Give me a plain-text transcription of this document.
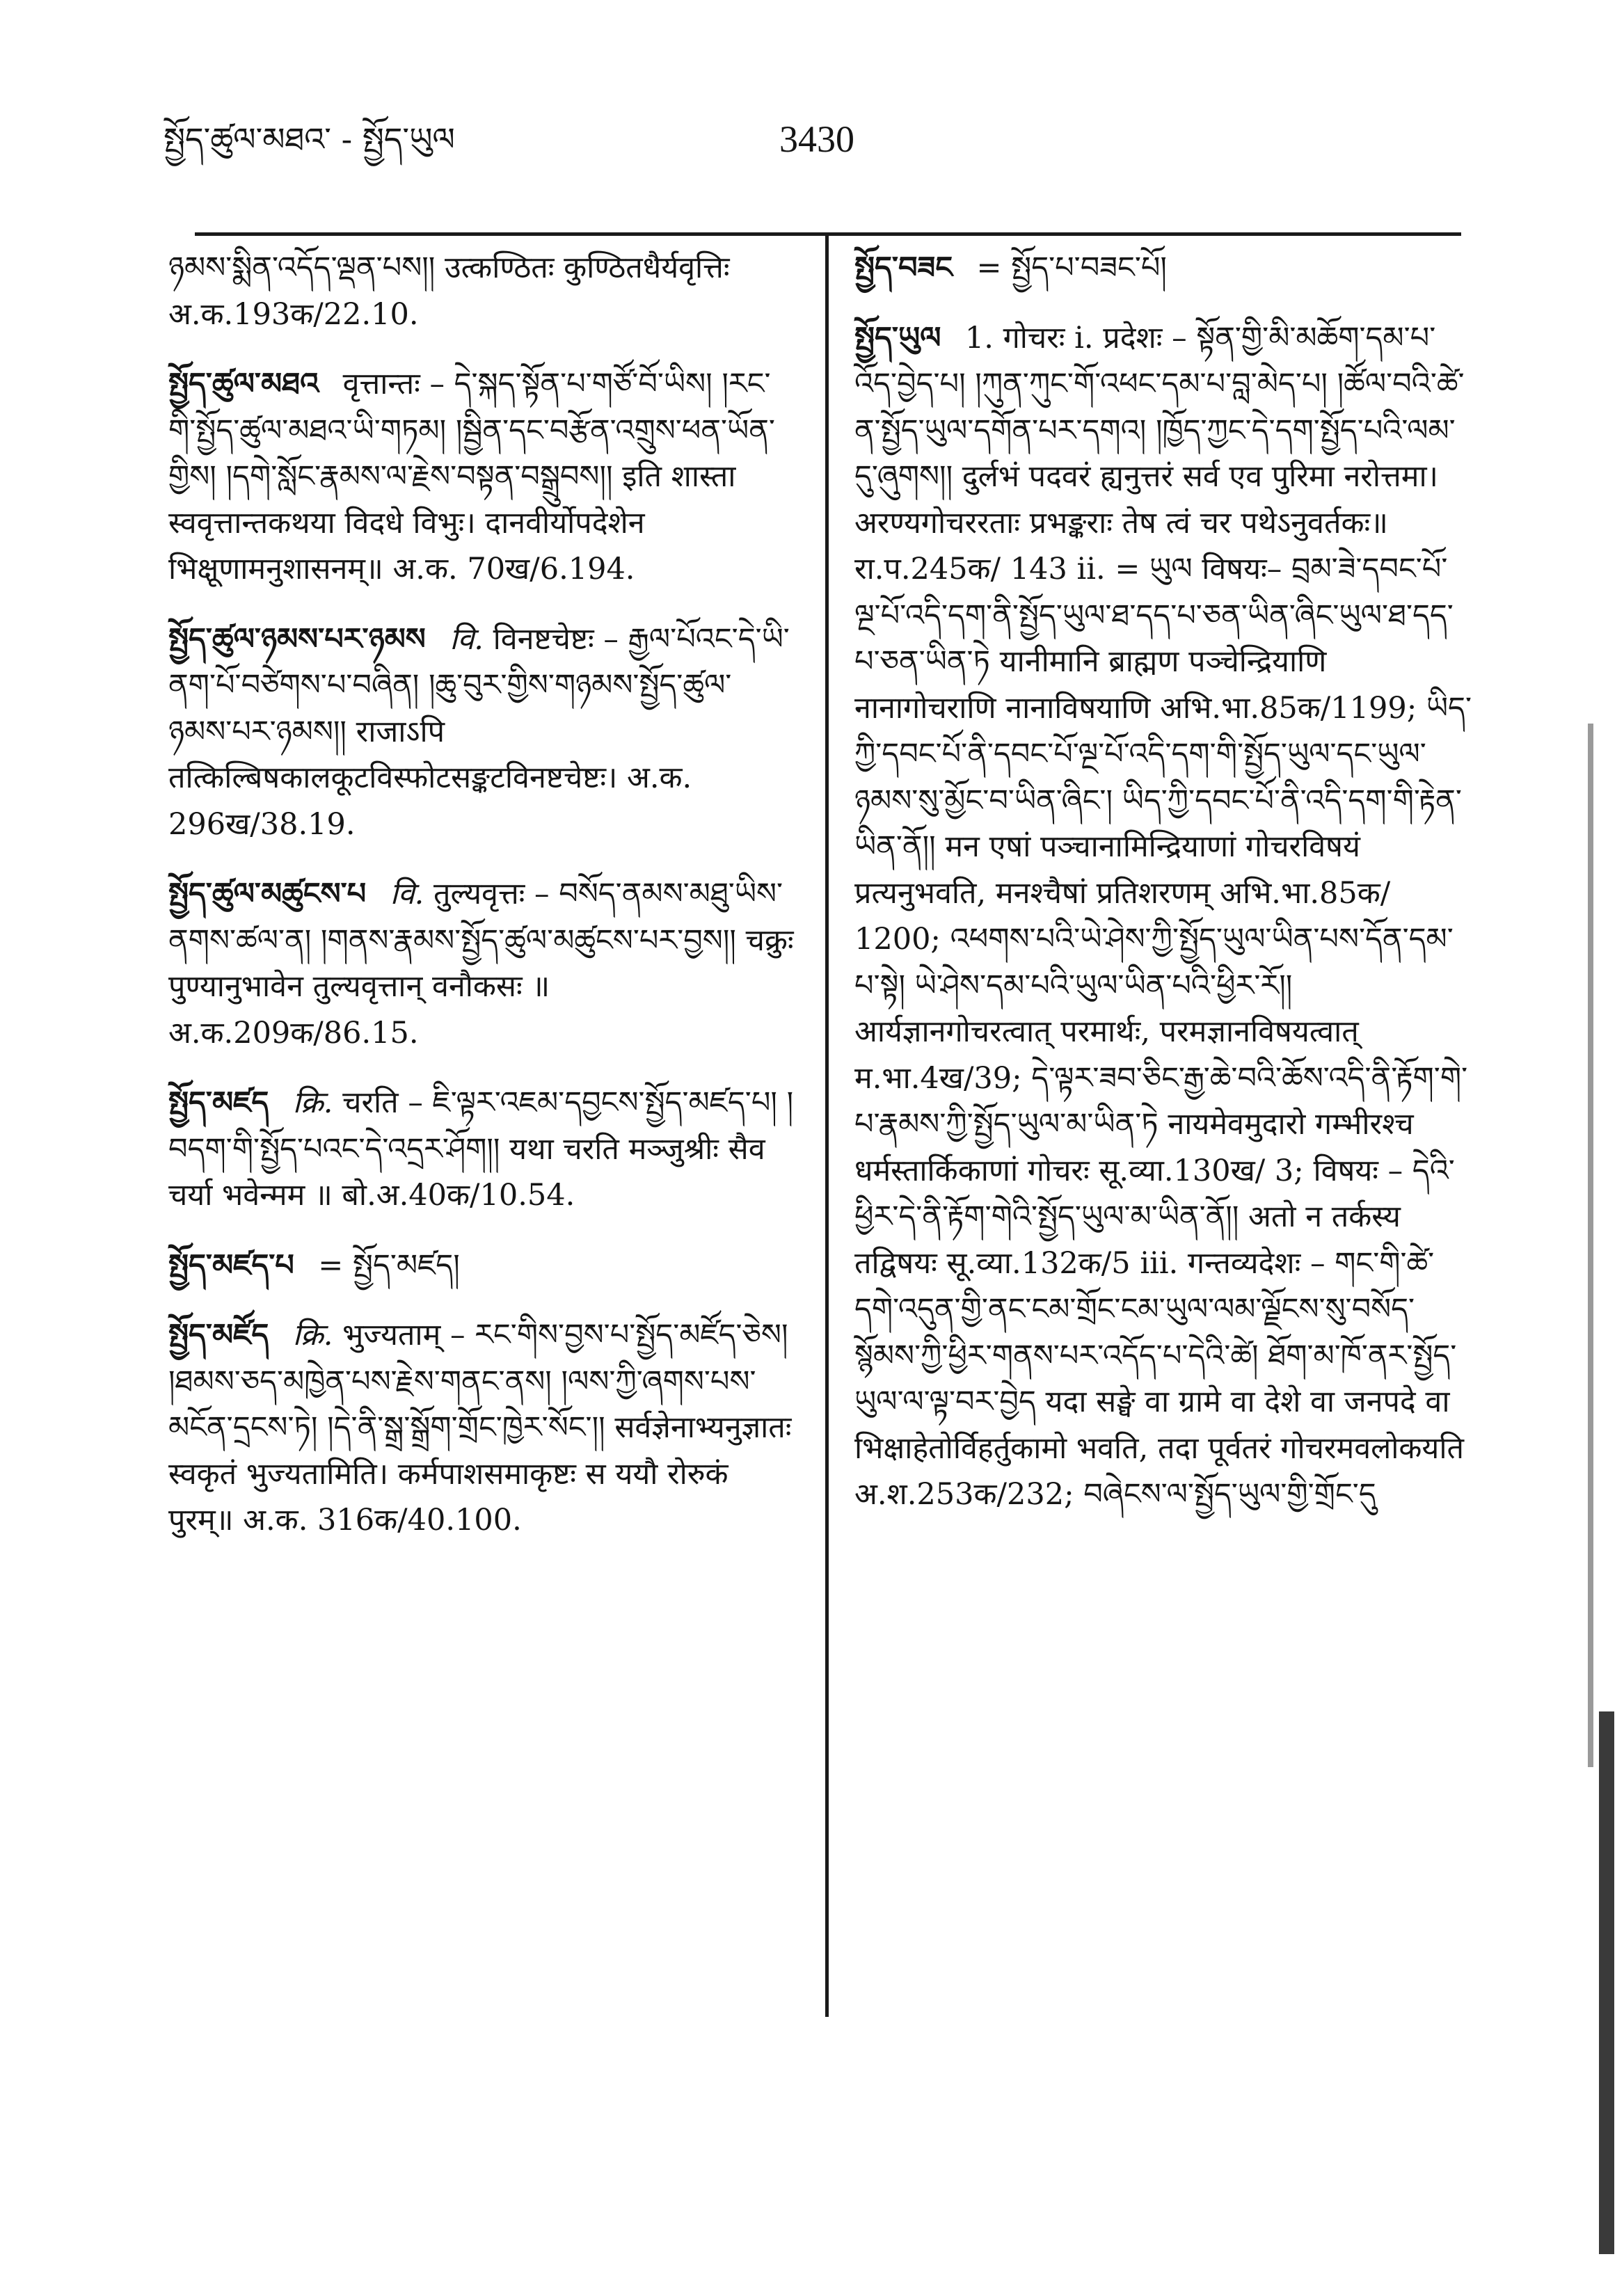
སྤྱོད་ཚུལ་མཐའ་ - སྤྱོད་ཡུལ	3430

ཉམས་སྨིན་འདོད་ལྡན་པས།། उत्कण्ठितः कुण्ठितधैर्यवृत्तिः अ.क.193क/22.10.

སྤྱོད་ཚུལ་མཐའ वृत्तान्तः – དེ་སྐད་སྟོན་པ་གཙོ་བོ་ཡིས། །རང་གི་སྤྱོད་ཚུལ་མཐའ་ཡི་གཏམ། །སྦྱིན་དང་བརྩོན་འགྲུས་ཕན་ཡོན་གྱིས། །དགེ་སློང་རྣམས་ལ་རྗེས་བསྟན་བསྒྲུབས།། इति शास्ता स्ववृत्तान्तकथया विदधे विभुः। दानवीर्योपदेशेन भिक्षूणामनुशासनम्॥ अ.क. 70ख/6.194.

སྤྱོད་ཚུལ་ཉམས་པར་ཉམས वि. विनष्टचेष्टः – རྒྱལ་པོའང་དེ་ཡི་ནག་པོ་བཙེགས་པ་བཞིན། །ཆུ་བུར་གྱིས་གཉམས་སྤྱོད་ཚུལ་ཉམས་པར་ཉམས།། राजाऽपि तत्किल्बिषकालकूटविस्फोटसङ्कटविनष्टचेष्टः। अ.क. 296ख/38.19.

སྤྱོད་ཚུལ་མཚུངས་པ वि. तुल्यवृत्तः – བསོད་ནམས་མཐུ་ཡིས་ནགས་ཚལ་ན། །གནས་རྣམས་སྤྱོད་ཚུལ་མཚུངས་པར་བྱས།། चक्रुः पुण्यानुभावेन तुल्यवृत्तान् वनौकसः ॥ अ.क.209क/86.15.

སྤྱོད་མཛད क्रि. चरति – ཇི་ལྟར་འཇམ་དབྱངས་སྤྱོད་མཛད་པ། །བདག་གི་སྤྱོད་པའང་དེ་འདྲར་ཤོག།། यथा चरति मञ्जुश्रीः सैव चर्या भवेन्मम ॥ बो.अ.40क/10.54.

སྤྱོད་མཛད་པ = སྤྱོད་མཛད།

སྤྱོད་མཛོད क्रि. भुज्यताम् – རང་གིས་བྱས་པ་སྤྱོད་མཛོད་ཅེས། །ཐམས་ཅད་མཁྱེན་པས་རྗེས་གནང་ནས། །ལས་ཀྱི་ཞགས་པས་མངོན་དྲངས་ཏེ། །དེ་ནི་སྒྲ་སྒྲོག་གྲོང་ཁྱེར་སོང་།། सर्वज्ञेनाभ्यनुज्ञातः स्वकृतं भुज्यतामिति। कर्मपाशसमाकृष्टः स ययौ रोरुकं पुरम्॥ अ.क. 316क/40.100.

སྤྱོད་བཟང = སྤྱོད་པ་བཟང་པོ།

སྤྱོད་ཡུལ 1. गोचरः i. प्रदेशः – སྟོན་གྱི་མི་མཆོག་དམ་པ་འོད་བྱེད་པ། །ཀུན་ཀུང་གོ་འཕང་དམ་པ་བླ་མེད་པ། །ཚོལ་བའི་ཚེ་ན་སྤྱོད་ཡུལ་དགོན་པར་དགའ། །ཁྱོད་ཀྱང་དེ་དག་སྤྱོད་པའི་ལམ་དུ་ཞུགས།། दुर्लभं पदवरं ह्यनुत्तरं सर्व एव पुरिमा नरोत्तमा। अरण्यगोचररताः प्रभङ्कराः तेष त्वं चर पथेऽनुवर्तकः॥ रा.प.245क/ 143 ii. = ཡུལ विषयः– བྲམ་ཟེ་དབང་པོ་ལྔ་པོ་འདི་དག་ནི་སྤྱོད་ཡུལ་ཐ་དད་པ་ཅན་ཡིན་ཞིང་ཡུལ་ཐ་དད་པ་ཅན་ཡིན་ཏེ यानीमानि ब्राह्मण पञ्चेन्द्रियाणि नानागोचराणि नानाविषयाणि अभि.भा.85क/1199; ཡིད་ཀྱི་དབང་པོ་ནི་དབང་པོ་ལྔ་པོ་འདི་དག་གི་སྤྱོད་ཡུལ་དང་ཡུལ་ཉམས་སུ་མྱོང་བ་ཡིན་ཞིང་། ཡིད་ཀྱི་དབང་པོ་ནི་འདི་དག་གི་རྟེན་ཡིན་ནོ།། मन एषां पञ्चानामिन्द्रियाणां गोचरविषयं प्रत्यनुभवति, मनश्चैषां प्रतिशरणम् अभि.भा.85क/ 1200; འཕགས་པའི་ཡེ་ཤེས་ཀྱི་སྤྱོད་ཡུལ་ཡིན་པས་དོན་དམ་པ་སྟེ། ཡེ་ཤེས་དམ་པའི་ཡུལ་ཡིན་པའི་ཕྱིར་རོ།། आर्यज्ञानगोचरत्वात् परमार्थः, परमज्ञानविषयत्वात् म.भा.4ख/39; དེ་ལྟར་ཟབ་ཅིང་རྒྱ་ཆེ་བའི་ཆོས་འདི་ནི་རྟོག་གེ་པ་རྣམས་ཀྱི་སྤྱོད་ཡུལ་མ་ཡིན་ཏེ नायमेवमुदारो गम्भीरश्च धर्मस्तार्किकाणां गोचरः सू.व्या.130ख/ 3; विषयः – དེའི་ཕྱིར་དེ་ནི་རྟོག་གེའི་སྤྱོད་ཡུལ་མ་ཡིན་ནོ།། अतो न तर्कस्य तद्विषयः सू.व्या.132क/5 iii. गन्तव्यदेशः – གང་གི་ཚེ་དགེ་འདུན་གྱི་ནང་ངམ་གྲོང་ངམ་ཡུལ་ལམ་ལྗོངས་སུ་བསོད་སྙོམས་ཀྱི་ཕྱིར་གནས་པར་འདོད་པ་དེའི་ཚེ། ཐོག་མ་ཁོ་ནར་སྤྱོད་ཡུལ་ལ་ལྟ་བར་བྱེད यदा सङ्घे वा ग्रामे वा देशे वा जनपदे वा भिक्षाहेतोर्विहर्तुकामो भवति, तदा पूर्वतरं गोचरमवलोकयति अ.श.253क/232; བཞེངས་ལ་སྤྱོད་ཡུལ་གྱི་གྲོང་དུ
